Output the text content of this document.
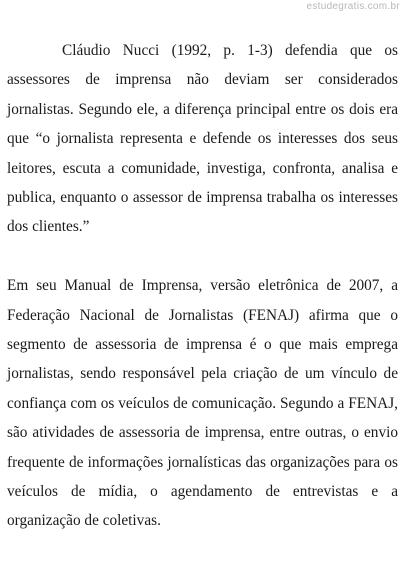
estudegratis.com.br

Cláudio Nucci (1992, p. 1-3) defendia que os assessores de imprensa não deviam ser considerados jornalistas. Segundo ele, a diferença principal entre os dois era que “o jornalista representa e defende os interesses dos seus leitores, escuta a comunidade, investiga, confronta, analisa e publica, enquanto o assessor de imprensa trabalha os interesses dos clientes.”

Em seu Manual de Imprensa, versão eletrônica de 2007, a Federação Nacional de Jornalistas (FENAJ) afirma que o segmento de assessoria de imprensa é o que mais emprega jornalistas, sendo responsável pela criação de um vínculo de confiança com os veículos de comunicação. Segundo a FENAJ, são atividades de assessoria de imprensa, entre outras, o envio frequente de informações jornalísticas das organizações para os veículos de mídia, o agendamento de entrevistas e a organização de coletivas.
